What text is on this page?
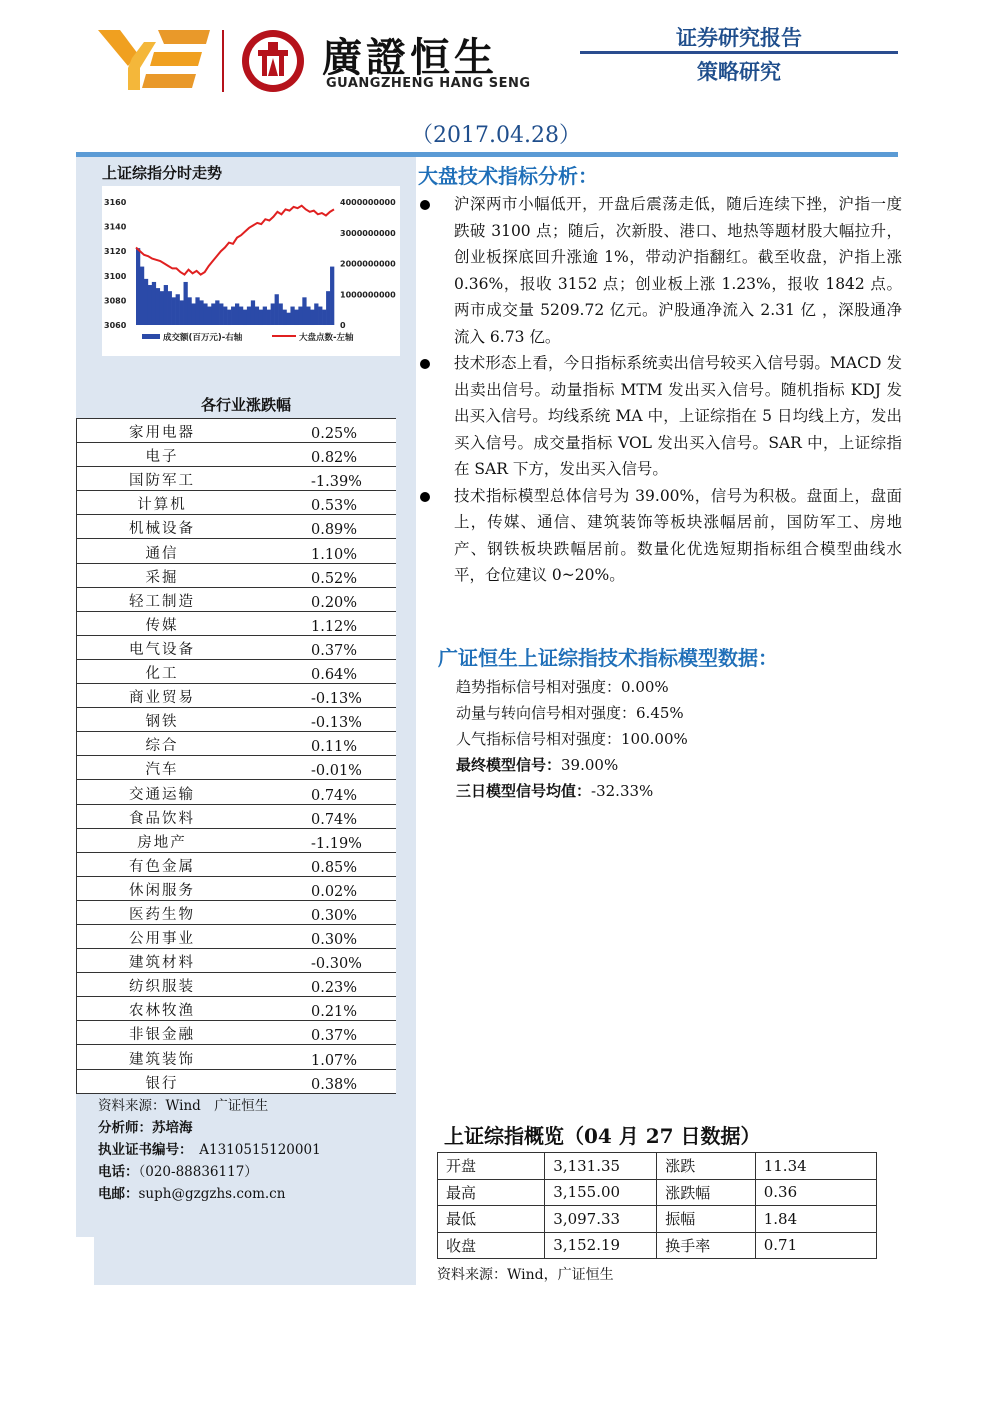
廣證恒生
GUANGZHENG HANG SENG
证券研究报告
策略研究
（2017.04.28）
上证综指分时走势
3160
3140
3120
3100
3080
3060
4000000000
3000000000
2000000000
1000000000
0
成交额(百万元)-右轴	大盘点数-左轴
各行业涨跌幅
家用电器	0.25%
电子	0.82%
国防军工	-1.39%
计算机	0.53%
机械设备	0.89%
通信	1.10%
采掘	0.52%
轻工制造	0.20%
传媒	1.12%
电气设备	0.37%
化工	0.64%
商业贸易	-0.13%
钢铁	-0.13%
综合	0.11%
汽车	-0.01%
交通运输	0.74%
食品饮料	0.74%
房地产	-1.19%
有色金属	0.85%
休闲服务	0.02%
医药生物	0.30%
公用事业	0.30%
建筑材料	-0.30%
纺织服装	0.23%
农林牧渔	0.21%
非银金融	0.37%
建筑装饰	1.07%
银行	0.38%
资料来源：Wind　广证恒生
分析师：苏培海
执业证书编号：　 A1310515120001
电话：（020-88836117）
电邮：suph@gzgzhs.com.cn
大盘技术指标分析：
沪深两市小幅低开，开盘后震荡走低，随后连续下挫，沪指一度跌破 3100 点；随后，次新股、港口、地热等题材股大幅拉升，创业板探底回升涨逾 1%，带动沪指翻红。截至收盘，沪指上涨 0.36%，报收 3152 点；创业板上涨 1.23%，报收 1842 点。两市成交量 5209.72 亿元。沪股通净流入 2.31 亿 ，深股通净流入 6.73 亿。
技术形态上看，今日指标系统卖出信号较买入信号弱。MACD 发出卖出信号。动量指标 MTM 发出买入信号。随机指标 KDJ 发出买入信号。均线系统 MA 中，上证综指在 5 日均线上方，发出买入信号。成交量指标 VOL 发出买入信号。SAR 中，上证综指在 SAR 下方，发出买入信号。
技术指标模型总体信号为 39.00%，信号为积极。盘面上，盘面上，传媒、通信、建筑装饰等板块涨幅居前，国防军工、房地产、钢铁板块跌幅居前。数量化优选短期指标组合模型曲线水平，仓位建议 0~20%。
广证恒生上证综指技术指标模型数据：
趋势指标信号相对强度：0.00%
动量与转向信号相对强度：6.45%
人气指标信号相对强度：100.00%
最终模型信号：39.00%
三日模型信号均值：-32.33%
上证综指概览（04 月 27 日数据）
开盘	3,131.35	涨跌	11.34
最高	3,155.00	涨跌幅	0.36
最低	3,097.33	振幅	1.84
收盘	3,152.19	换手率	0.71
资料来源：Wind，广证恒生
